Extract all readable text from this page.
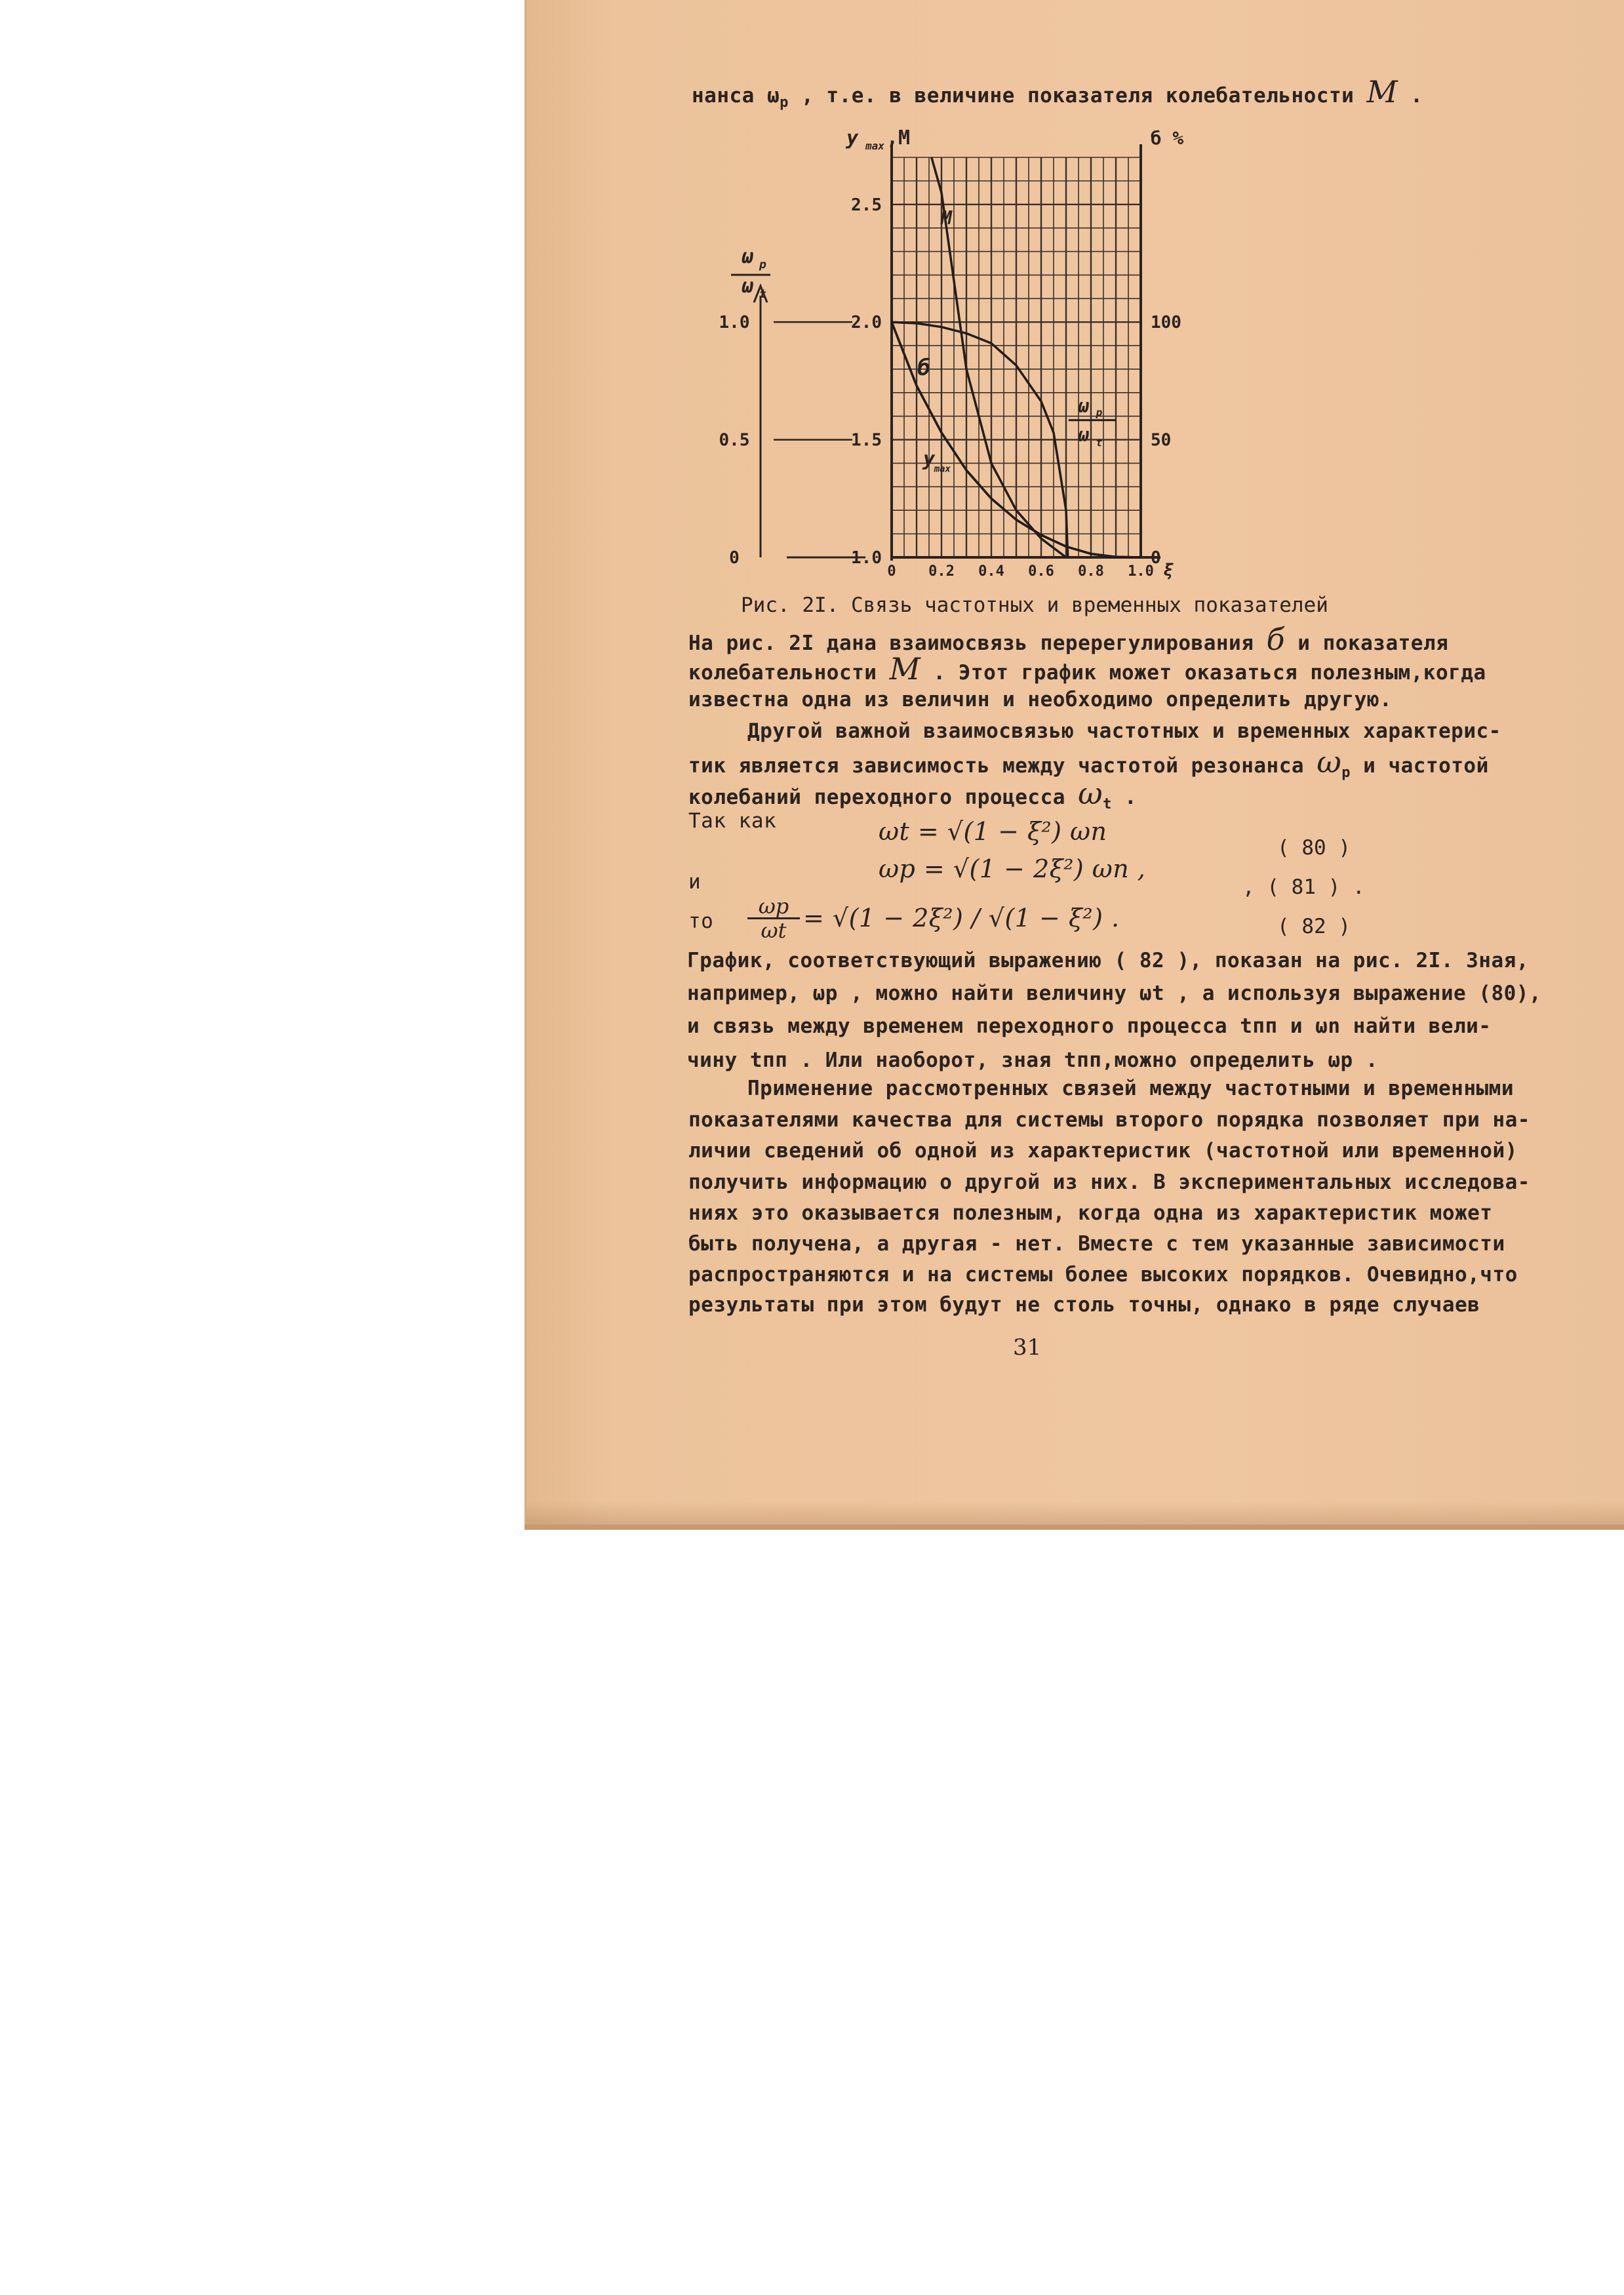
нанса $\omega_р$ , т.е. в величине показателя колебательности M .
ω р
ω t
1.0
0.5
0
2.5
2.0
1.5
1.0
100
50
0
0 0.2 0.4 0.6 0.8 1.0 ξ
y max ,M	б %
M
б
y
max
ω р
ω t
Рис. 2I. Связь частотных и временных показателей
На рис. 2I дана взаимосвязь перерегулирования б и показателя
колебательности M . Этот график может оказаться полезным,когда
известна одна из величин и необходимо определить другую.
Другой важной взаимосвязью частотных и временных характерис-
тик является зависимость между частотой резонанса $\omega_р$ и частотой
колебаний переходного процесса $\omega_t$ .
Так как	ωt = √(1 − ξ²) ωn
( 80 )
и	ωр = √(1 − 2ξ²) ωn ,
, ( 81 ) .
то
ωр
ωt = √(1 − 2ξ²) / √(1 − ξ²) .	( 82 )
График, соответствующий выражению ( 82 ), показан на рис. 2I. Зная,
например, ωр , можно найти величину ωt , а используя выражение (80),
и связь между временем переходного процесса tпп и ωn найти вели-
чину tпп . Или наоборот, зная tпп,можно определить ωр .
Применение рассмотренных связей между частотными и временными
показателями качества для системы второго порядка позволяет при на-
личии сведений об одной из характеристик (частотной или временной)
получить информацию о другой из них. В экспериментальных исследова-
ниях это оказывается полезным, когда одна из характеристик может
быть получена, а другая - нет. Вместе с тем указанные зависимости
распространяются и на системы более высоких порядков. Очевидно,что
результаты при этом будут не столь точны, однако в ряде случаев
31
